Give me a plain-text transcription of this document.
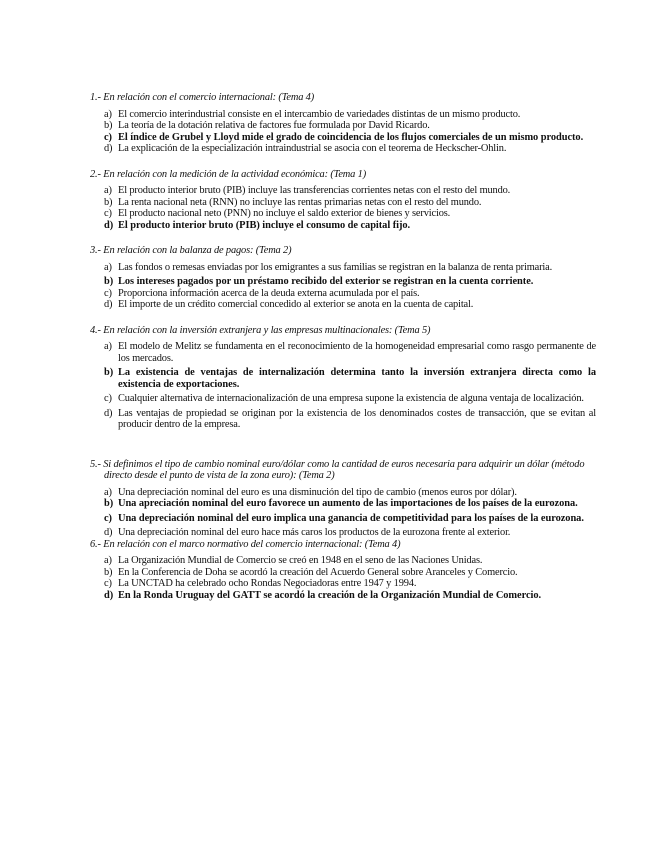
1.- En relación con el comercio internacional: (Tema 4)

a) El comercio interindustrial consiste en el intercambio de variedades distintas de un mismo producto.
b) La teoría de la dotación relativa de factores fue formulada por David Ricardo.
c) El índice de Grubel y Lloyd mide el grado de coincidencia de los flujos comerciales de un mismo producto.
d) La explicación de la especialización intraindustrial se asocia con el teorema de Heckscher-Ohlin.

2.- En relación con la medición de la actividad económica: (Tema 1)

a) El producto interior bruto (PIB) incluye las transferencias corrientes netas con el resto del mundo.
b) La renta nacional neta (RNN) no incluye las rentas primarias netas con el resto del mundo.
c) El producto nacional neto (PNN) no incluye el saldo exterior de bienes y servicios.
d) El producto interior bruto (PIB) incluye el consumo de capital fijo.

3.- En relación con la balanza de pagos: (Tema 2)

a) Las fondos o remesas enviadas por los emigrantes a sus familias se registran en la balanza de renta primaria.
b) Los intereses pagados por un préstamo recibido del exterior se registran en la cuenta corriente.
c) Proporciona información acerca de la deuda externa acumulada por el país.
d) El importe de un crédito comercial concedido al exterior se anota en la cuenta de capital.

4.- En relación con la inversión extranjera y las empresas multinacionales: (Tema 5)

a) El modelo de Melitz se fundamenta en el reconocimiento de la homogeneidad empresarial como rasgo permanente de los mercados.
b) La existencia de ventajas de internalización determina tanto la inversión extranjera directa como la existencia de exportaciones.
c) Cualquier alternativa de internacionalización de una empresa supone la existencia de alguna ventaja de localización.
d) Las ventajas de propiedad se originan por la existencia de los denominados costes de transacción, que se evitan al producir dentro de la empresa.

5.- Si definimos el tipo de cambio nominal euro/dólar como la cantidad de euros necesaria para adquirir un dólar (método directo desde el punto de vista de la zona euro): (Tema 2)

a) Una depreciación nominal del euro es una disminución del tipo de cambio (menos euros por dólar).
b) Una apreciación nominal del euro favorece un aumento de las importaciones de los países de la eurozona.
c) Una depreciación nominal del euro implica una ganancia de competitividad para los países de la eurozona.
d) Una depreciación nominal del euro hace más caros los productos de la eurozona frente al exterior.

6.- En relación con el marco normativo del comercio internacional: (Tema 4)

a) La Organización Mundial de Comercio se creó en 1948 en el seno de las Naciones Unidas.
b) En la Conferencia de Doha se acordó la creación del Acuerdo General sobre Aranceles y Comercio.
c) La UNCTAD ha celebrado ocho Rondas Negociadoras entre 1947 y 1994.
d) En la Ronda Uruguay del GATT se acordó la creación de la Organización Mundial de Comercio.
